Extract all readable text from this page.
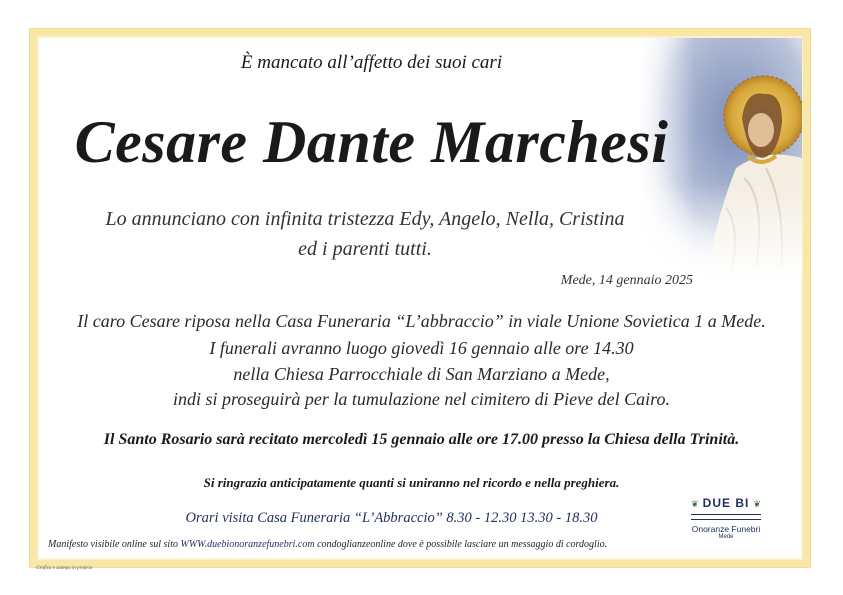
È mancato all’affetto dei suoi cari
Cesare Dante Marchesi
Lo annunciano con infinita tristezza Edy, Angelo, Nella, Cristina
ed i parenti tutti.
Mede, 14 gennaio 2025
Il caro Cesare riposa nella Casa Funeraria “L’abbraccio” in viale Unione Sovietica 1 a Mede.
I funerali avranno luogo giovedì 16 gennaio alle ore 14.30
nella Chiesa Parrocchiale di San Marziano a Mede,
indi si proseguirà per la tumulazione nel cimitero di Pieve del Cairo.
Il Santo Rosario sarà recitato mercoledì 15 gennaio alle ore 17.00 presso la Chiesa della Trinità.
Si ringrazia anticipatamente quanti si uniranno nel ricordo e nella preghiera.
Orari visita Casa Funeraria “L’Abbraccio” 8.30 - 12.30 13.30 - 18.30
Manifesto visibile online sul sito WWW.duebionoranzefunebri.com condoglianzeonline dove è possibile lasciare un messaggio di cordoglio.
Grafica e stampa in proprio
❦ DUE BI ❦
Onoranze Funebri
Mede
